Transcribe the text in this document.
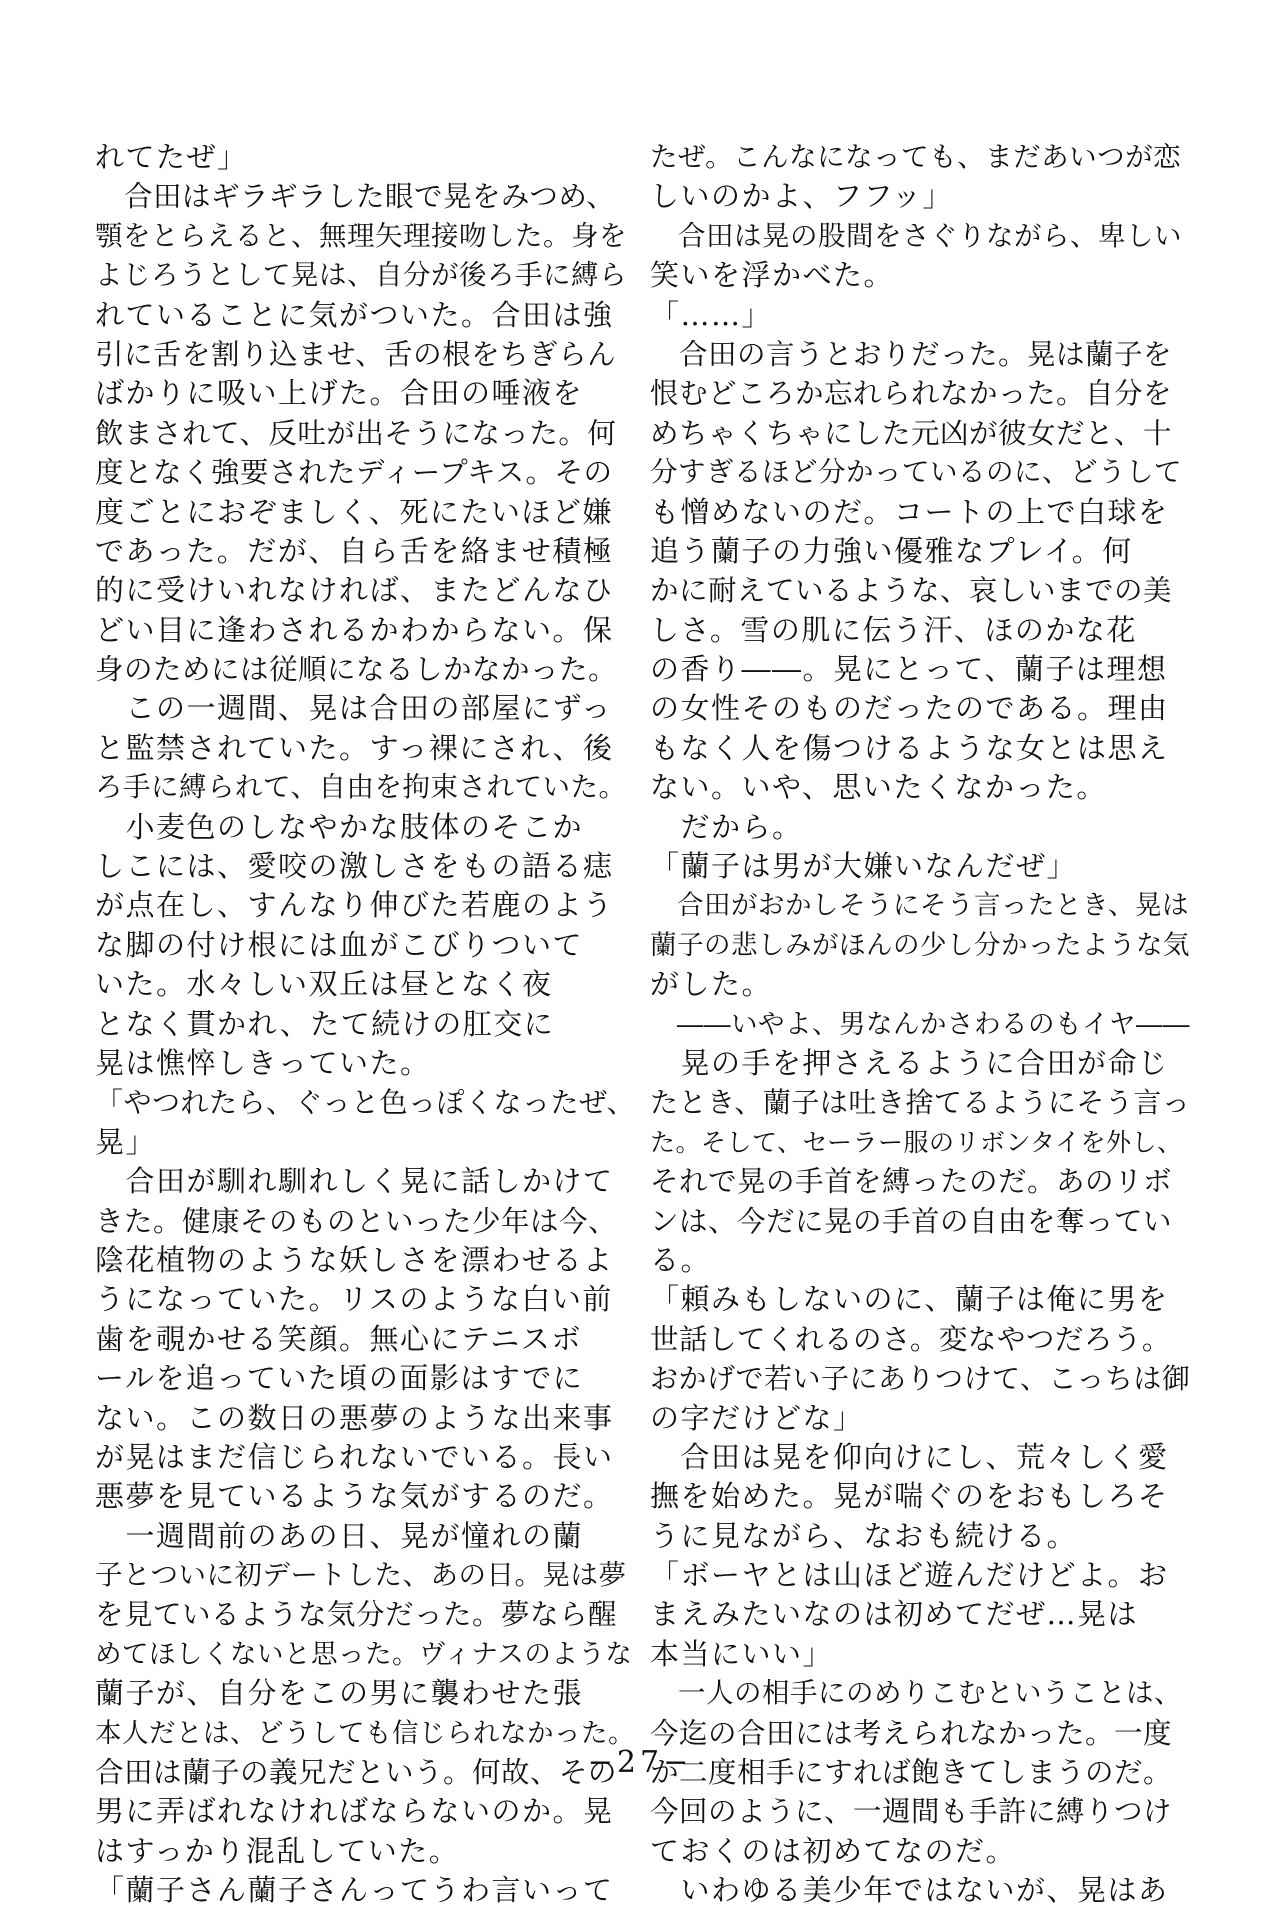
れてたぜ」
　合田はギラギラした眼で晃をみつめ、
顎をとらえると、無理矢理接吻した。身を
よじろうとして晃は、自分が後ろ手に縛ら
れていることに気がついた。合田は強
引に舌を割り込ませ、舌の根をちぎらん
ばかりに吸い上げた。合田の唾液を
飲まされて、反吐が出そうになった。何
度となく強要されたディープキス。その
度ごとにおぞましく、死にたいほど嫌
であった。だが、自ら舌を絡ませ積極
的に受けいれなければ、またどんなひ
どい目に逢わされるかわからない。保
身のためには従順になるしかなかった。
　この一週間、晃は合田の部屋にずっ
と監禁されていた。すっ裸にされ、後
ろ手に縛られて、自由を拘束されていた。
　小麦色のしなやかな肢体のそこか
しこには、愛咬の激しさをもの語る痣
が点在し、すんなり伸びた若鹿のよう
な脚の付け根には血がこびりついて
いた。水々しい双丘は昼となく夜
となく貫かれ、たて続けの肛交に
晃は憔悴しきっていた。
「やつれたら、ぐっと色っぽくなったぜ、
晃」
　合田が馴れ馴れしく晃に話しかけて
きた。健康そのものといった少年は今、
陰花植物のような妖しさを漂わせるよ
うになっていた。リスのような白い前
歯を覗かせる笑顔。無心にテニスボ
ールを追っていた頃の面影はすでに
ない。この数日の悪夢のような出来事
が晃はまだ信じられないでいる。長い
悪夢を見ているような気がするのだ。
　一週間前のあの日、晃が憧れの蘭
子とついに初デートした、あの日。晃は夢
を見ているような気分だった。夢なら醒
めてほしくないと思った。ヴィナスのような
蘭子が、自分をこの男に襲わせた張
本人だとは、どうしても信じられなかった。
合田は蘭子の義兄だという。何故、その
男に弄ばれなければならないのか。晃
はすっかり混乱していた。
「蘭子さん蘭子さんってうわ言いって
たぜ。こんなになっても、まだあいつが恋
しいのかよ、フフッ」
　合田は晃の股間をさぐりながら、卑しい
笑いを浮かべた。
「……」
　合田の言うとおりだった。晃は蘭子を
恨むどころか忘れられなかった。自分を
めちゃくちゃにした元凶が彼女だと、十
分すぎるほど分かっているのに、どうして
も憎めないのだ。コートの上で白球を
追う蘭子の力強い優雅なプレイ。何
かに耐えているような、哀しいまでの美
しさ。雪の肌に伝う汗、ほのかな花
の香り――。晃にとって、蘭子は理想
の女性そのものだったのである。理由
もなく人を傷つけるような女とは思え
ない。いや、思いたくなかった。
　だから。
「蘭子は男が大嫌いなんだぜ」
　合田がおかしそうにそう言ったとき、晃は
蘭子の悲しみがほんの少し分かったような気
がした。
　――いやよ、男なんかさわるのもイヤ――
　晃の手を押さえるように合田が命じ
たとき、蘭子は吐き捨てるようにそう言っ
た。そして、セーラー服のリボンタイを外し、
それで晃の手首を縛ったのだ。あのリボ
ンは、今だに晃の手首の自由を奪ってい
る。
「頼みもしないのに、蘭子は俺に男を
世話してくれるのさ。変なやつだろう。
おかげで若い子にありつけて、こっちは御
の字だけどな」
　合田は晃を仰向けにし、荒々しく愛
撫を始めた。晃が喘ぐのをおもしろそ
うに見ながら、なおも続ける。
「ボーヤとは山ほど遊んだけどよ。お
まえみたいなのは初めてだぜ…晃は
本当にいい」
　一人の相手にのめりこむということは、
今迄の合田には考えられなかった。一度
か二度相手にすれば飽きてしまうのだ。
今回のように、一週間も手許に縛りつけ
ておくのは初めてなのだ。
　いわゆる美少年ではないが、晃はあ
−27−
